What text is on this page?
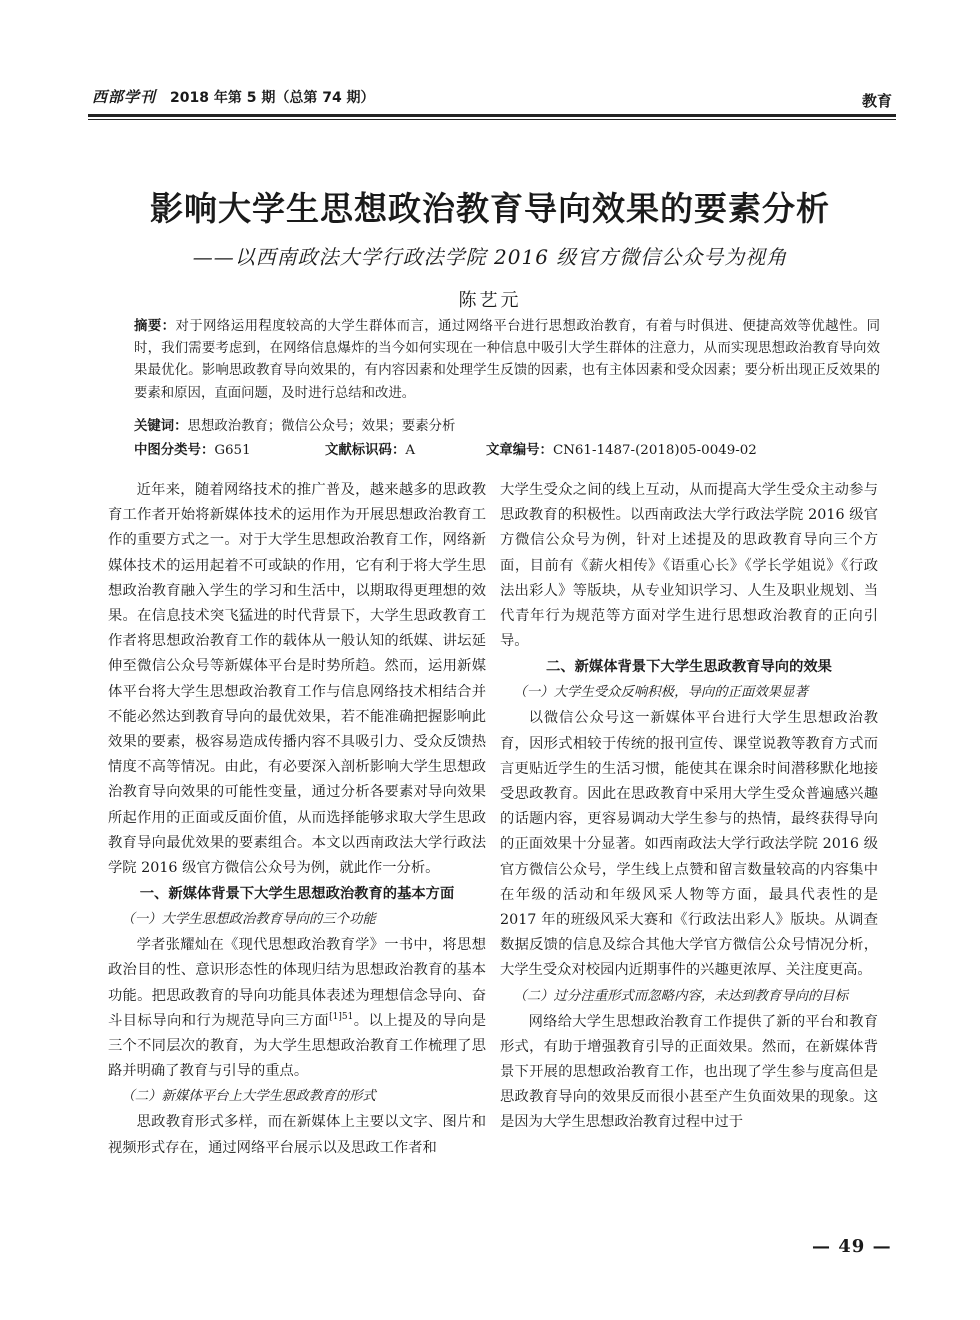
西部学刊 2018 年第 5 期（总第 74 期）	教育
影响大学生思想政治教育导向效果的要素分析
——以西南政法大学行政法学院 2016 级官方微信公众号为视角
陈艺元
摘要：对于网络运用程度较高的大学生群体而言，通过网络平台进行思想政治教育，有着与时俱进、便捷高效等优越性。同时，我们需要考虑到，在网络信息爆炸的当今如何实现在一种信息中吸引大学生群体的注意力，从而实现思想政治教育导向效果最优化。影响思政教育导向效果的，有内容因素和处理学生反馈的因素，也有主体因素和受众因素；要分析出现正反效果的要素和原因，直面问题，及时进行总结和改进。
关键词：思想政治教育；微信公众号；效果；要素分析
中图分类号：G651	文献标识码：A	文章编号：CN61-1487-(2018)05-0049-02

近年来，随着网络技术的推广普及，越来越多的思政教育工作者开始将新媒体技术的运用作为开展思想政治教育工作的重要方式之一。对于大学生思想政治教育工作，网络新媒体技术的运用起着不可或缺的作用，它有利于将大学生思想政治教育融入学生的学习和生活中，以期取得更理想的效果。在信息技术突飞猛进的时代背景下，大学生思政教育工作者将思想政治教育工作的载体从一般认知的纸媒、讲坛延伸至微信公众号等新媒体平台是时势所趋。然而，运用新媒体平台将大学生思想政治教育工作与信息网络技术相结合并不能必然达到教育导向的最优效果，若不能准确把握影响此效果的要素，极容易造成传播内容不具吸引力、受众反馈热情度不高等情况。由此，有必要深入剖析影响大学生思想政治教育导向效果的可能性变量，通过分析各要素对导向效果所起作用的正面或反面价值，从而选择能够求取大学生思政教育导向最优效果的要素组合。本文以西南政法大学行政法学院 2016 级官方微信公众号为例，就此作一分析。

一、新媒体背景下大学生思想政治教育的基本方面
（一）大学生思想政治教育导向的三个功能

学者张耀灿在《现代思想政治教育学》一书中，将思想政治目的性、意识形态性的体现归结为思想政治教育的基本功能。把思政教育的导向功能具体表述为理想信念导向、奋斗目标导向和行为规范导向三方面$^{[1]51}$。以上提及的导向是三个不同层次的教育，为大学生思想政治教育工作梳理了思路并明确了教育与引导的重点。

（二）新媒体平台上大学生思政教育的形式

思政教育形式多样，而在新媒体上主要以文字、图片和视频形式存在，通过网络平台展示以及思政工作者和

大学生受众之间的线上互动，从而提高大学生受众主动参与思政教育的积极性。以西南政法大学行政法学院 2016 级官方微信公众号为例，针对上述提及的思政教育导向三个方面，目前有《薪火相传》《语重心长》《学长学姐说》《行政法出彩人》等版块，从专业知识学习、人生及职业规划、当代青年行为规范等方面对学生进行思想政治教育的正向引导。

二、新媒体背景下大学生思政教育导向的效果
（一）大学生受众反响积极，导向的正面效果显著

以微信公众号这一新媒体平台进行大学生思想政治教育，因形式相较于传统的报刊宣传、课堂说教等教育方式而言更贴近学生的生活习惯，能使其在课余时间潜移默化地接受思政教育。因此在思政教育中采用大学生受众普遍感兴趣的话题内容，更容易调动大学生参与的热情，最终获得导向的正面效果十分显著。如西南政法大学行政法学院 2016 级官方微信公众号，学生线上点赞和留言数量较高的内容集中在年级的活动和年级风采人物等方面，最具代表性的是 2017 年的班级风采大赛和《行政法出彩人》版块。从调查数据反馈的信息及综合其他大学官方微信公众号情况分析，大学生受众对校园内近期事件的兴趣更浓厚、关注度更高。

（二）过分注重形式而忽略内容，未达到教育导向的目标

网络给大学生思想政治教育工作提供了新的平台和教育形式，有助于增强教育引导的正面效果。然而，在新媒体背景下开展的思想政治教育工作，也出现了学生参与度高但是思政教育导向的效果反而很小甚至产生负面效果的现象。这是因为大学生思想政治教育过程中过于

— 49 —
